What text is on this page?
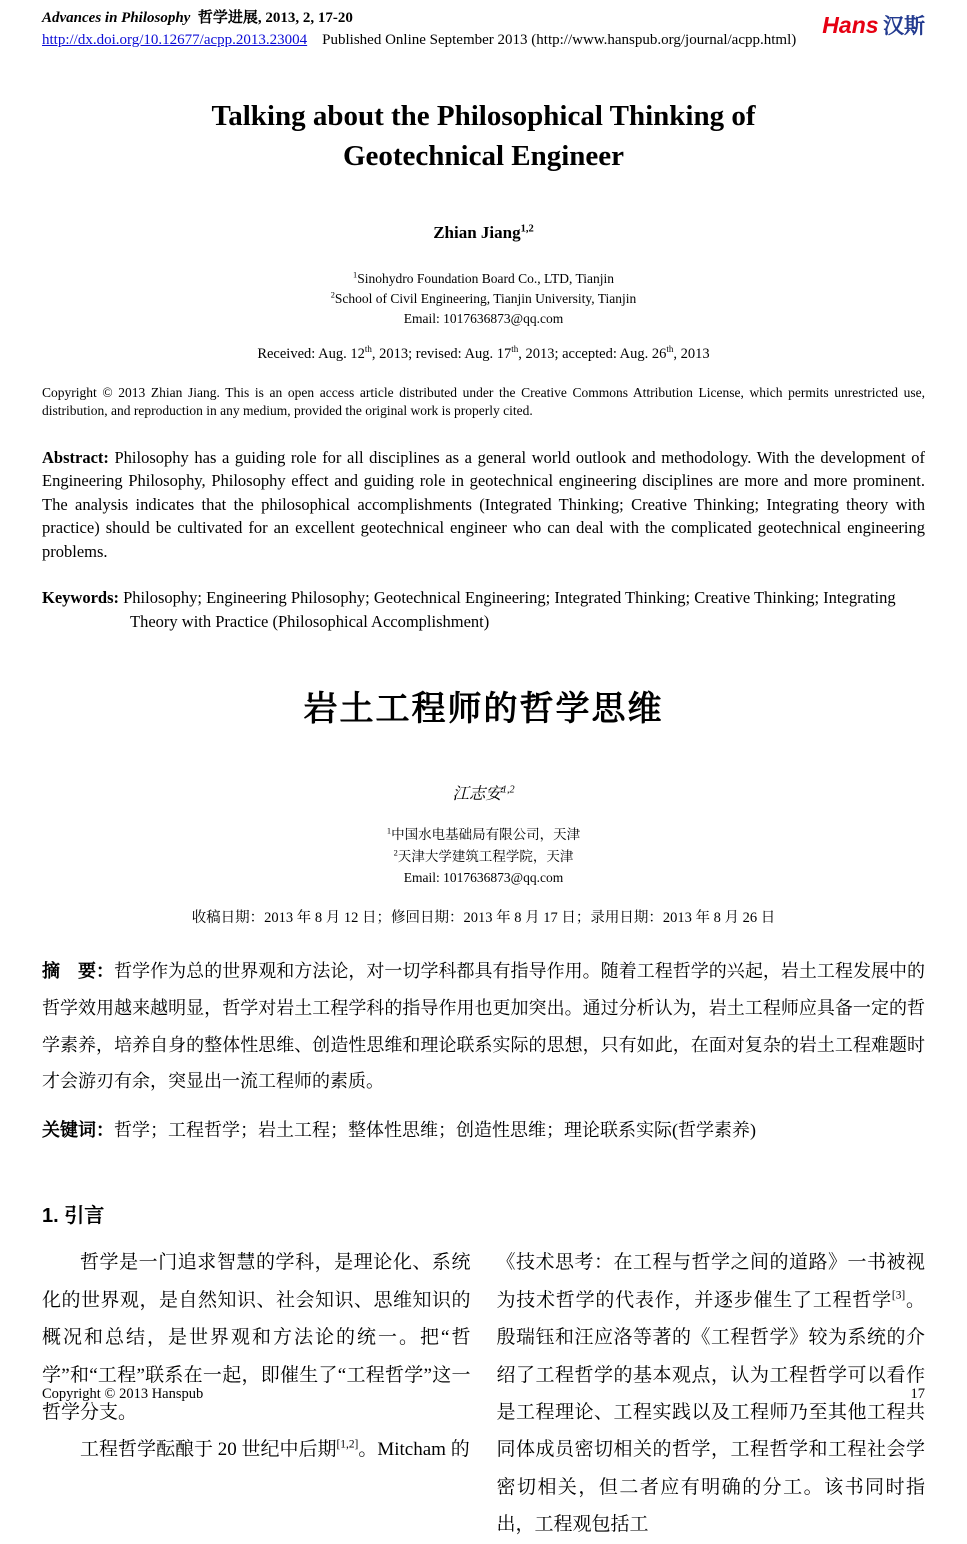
Advances in Philosophy 哲学进展, 2013, 2, 17-20
http://dx.doi.org/10.12677/acpp.2013.23004 Published Online September 2013 (http://www.hanspub.org/journal/acpp.html)
Hans 汉斯
Talking about the Philosophical Thinking of Geotechnical Engineer
Zhian Jiang$^{1,2}$
$^1$Sinohydro Foundation Board Co., LTD, Tianjin
$^2$School of Civil Engineering, Tianjin University, Tianjin
Email: 1017636873@qq.com
Received: Aug. 12th, 2013; revised: Aug. 17th, 2013; accepted: Aug. 26th, 2013

Copyright © 2013 Zhian Jiang. This is an open access article distributed under the Creative Commons Attribution License, which permits unrestricted use, distribution, and reproduction in any medium, provided the original work is properly cited.

Abstract: Philosophy has a guiding role for all disciplines as a general world outlook and methodology. With the development of Engineering Philosophy, Philosophy effect and guiding role in geotechnical engineering disciplines are more and more prominent. The analysis indicates that the philosophical accomplishments (Integrated Thinking; Creative Thinking; Integrating theory with practice) should be cultivated for an excellent geotechnical engineer who can deal with the complicated geotechnical engineering problems.

Keywords: Philosophy; Engineering Philosophy; Geotechnical Engineering; Integrated Thinking; Creative Thinking; Integrating Theory with Practice (Philosophical Accomplishment)

岩土工程师的哲学思维
江志安$^{1,2}$
$^1$中国水电基础局有限公司，天津
$^2$天津大学建筑工程学院，天津
Email: 1017636873@qq.com
收稿日期：2013 年 8 月 12 日；修回日期：2013 年 8 月 17 日；录用日期：2013 年 8 月 26 日

摘　要：哲学作为总的世界观和方法论，对一切学科都具有指导作用。随着工程哲学的兴起，岩土工程发展中的哲学效用越来越明显，哲学对岩土工程学科的指导作用也更加突出。通过分析认为，岩土工程师应具备一定的哲学素养，培养自身的整体性思维、创造性思维和理论联系实际的思想，只有如此，在面对复杂的岩土工程难题时才会游刃有余，突显出一流工程师的素质。

关键词：哲学；工程哲学；岩土工程；整体性思维；创造性思维；理论联系实际(哲学素养)

1. 引言

哲学是一门追求智慧的学科，是理论化、系统化的世界观，是自然知识、社会知识、思维知识的概况和总结，是世界观和方法论的统一。把“哲学”和“工程”联系在一起，即催生了“工程哲学”这一哲学分支。

工程哲学酝酿于 20 世纪中后期[1,2]。Mitcham 的

《技术思考：在工程与哲学之间的道路》一书被视为技术哲学的代表作，并逐步催生了工程哲学[3]。殷瑞钰和汪应洛等著的《工程哲学》较为系统的介绍了工程哲学的基本观点，认为工程哲学可以看作是工程理论、工程实践以及工程师乃至其他工程共同体成员密切相关的哲学，工程哲学和工程社会学密切相关，但二者应有明确的分工。该书同时指出，工程观包括工

Copyright © 2013 Hanspub	17
